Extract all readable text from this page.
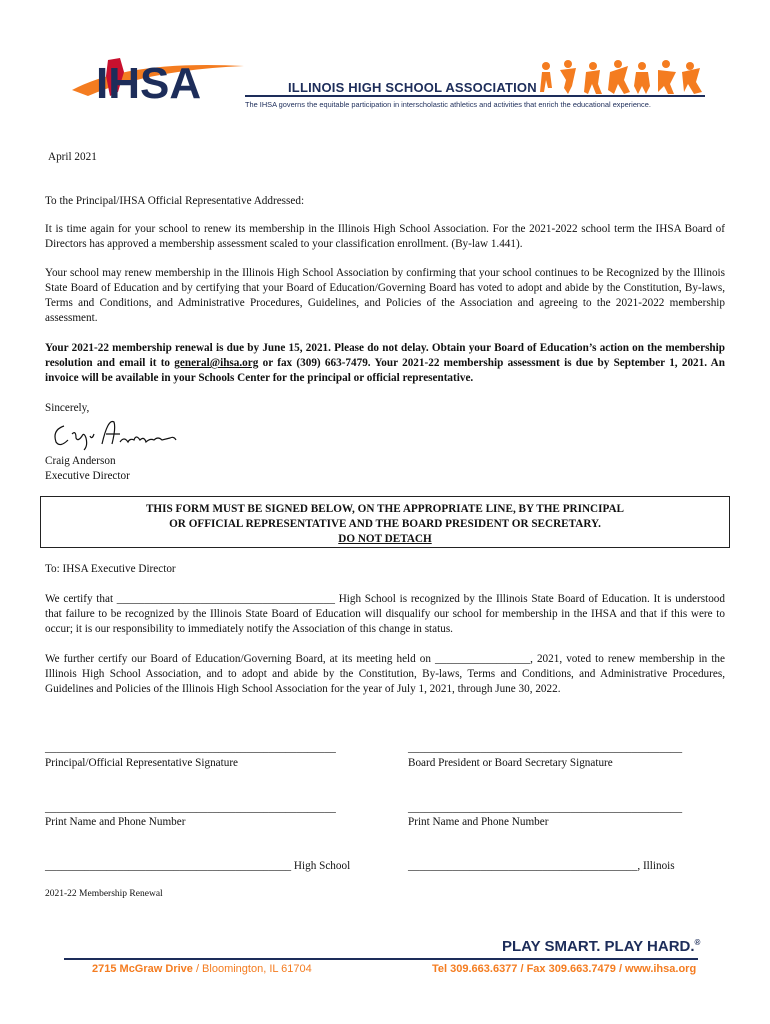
IHSA	ILLINOIS HIGH SCHOOL ASSOCIATION
The IHSA governs the equitable participation in interscholastic athletics and activities that enrich the educational experience.
April 2021
To the Principal/IHSA Official Representative Addressed:
It is time again for your school to renew its membership in the Illinois High School Association. For the 2021-2022 school term the IHSA Board of Directors has approved a membership assessment scaled to your classification enrollment. (By-law 1.441).
Your school may renew membership in the Illinois High School Association by confirming that your school continues to be Recognized by the Illinois State Board of Education and by certifying that your Board of Education/Governing Board has voted to adopt and abide by the Constitution, By-laws, Terms and Conditions, and Administrative Procedures, Guidelines, and Policies of the Association and agreeing to the 2021-2022 membership assessment.
Your 2021-22 membership renewal is due by June 15, 2021. Please do not delay. Obtain your Board of Education’s action on the membership resolution and email it to general@ihsa.org or fax (309) 663-7479. Your 2021-22 membership assessment is due by September 1, 2021. An invoice will be available in your Schools Center for the principal or official representative.
Sincerely,
Craig Anderson
Executive Director
THIS FORM MUST BE SIGNED BELOW, ON THE APPROPRIATE LINE, BY THE PRINCIPAL
OR OFFICIAL REPRESENTATIVE AND THE BOARD PRESIDENT OR SECRETARY.
DO NOT DETACH
To: IHSA Executive Director
We certify that _______________________________________ High School is recognized by the Illinois State Board of Education. It is understood that failure to be recognized by the Illinois State Board of Education will disqualify our school for membership in the IHSA and that if this were to occur; it is our responsibility to immediately notify the Association of this change in status.
We further certify our Board of Education/Governing Board, at its meeting held on _________________, 2021, voted to renew membership in the Illinois High School Association, and to adopt and abide by the Constitution, By-laws, Terms and Conditions, and Administrative Procedures, Guidelines and Policies of the Illinois High School Association for the year of July 1, 2021, through June 30, 2022.
____________________________________________________	_________________________________________________
Principal/Official Representative Signature	Board President or Board Secretary Signature
____________________________________________________	_________________________________________________
Print Name and Phone Number	Print Name and Phone Number
____________________________________________ High School	_________________________________________, Illinois
2021-22 Membership Renewal
PLAY SMART. PLAY HARD.®
2715 McGraw Drive / Bloomington, IL 61704	Tel 309.663.6377 / Fax 309.663.7479 / www.ihsa.org
